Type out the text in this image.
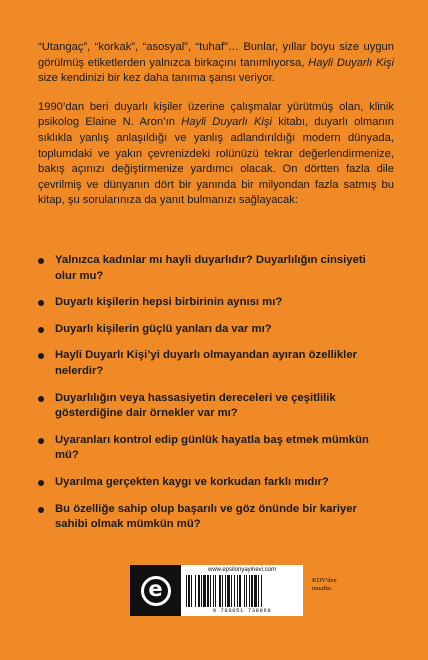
“Utangaç”, “korkak”, “asosyal”, “tuhaf”… Bunlar, yıllar boyu size uygun görülmüş etiketlerden yalnızca birkaçını tanımlıyorsa, Hayli Duyarlı Kişi size kendinizi bir kez daha tanıma şansı veriyor.

1990’dan beri duyarlı kişiler üzerine çalışmalar yürütmüş olan, klinik psikolog Elaine N. Aron’ın Hayli Duyarlı Kişi kitabı, duyarlı olmanın sıklıkla yanlış anlaşıldığı ve yanlış adlandırıldığı modern dünyada, toplumdaki ve yakın çevrenizdeki rolünüzü tekrar değerlendirmenize, bakış açınızı değiştirmenize yardımcı olacak. On dörtten fazla dile çevrilmiş ve dünyanın dört bir yanında bir milyondan fazla satmış bu kitap, şu sorularınıza da yanıt bulmanızı sağlayacak:

Yalnızca kadınlar mı hayli duyarlıdır? Duyarlılığın cinsiyeti olur mu?
Duyarlı kişilerin hepsi birbirinin aynısı mı?
Duyarlı kişilerin güçlü yanları da var mı?
Hayli Duyarlı Kişi’yi duyarlı olmayandan ayıran özellikler nelerdir?
Duyarlılığın veya hassasiyetin dereceleri ve çeşitlilik gösterdiğine dair örnekler var mı?
Uyaranları kontrol edip günlük hayatla baş etmek mümkün mü?
Uyarılma gerçekten kaygı ve korkudan farklı mıdır?
Bu özelliğe sahip olup başarılı ve göz önünde bir kariyer sahibi olmak mümkün mü?
e
www.epsilonyayinevi.com
9 786051 738969
KDV'den
muaftır.
